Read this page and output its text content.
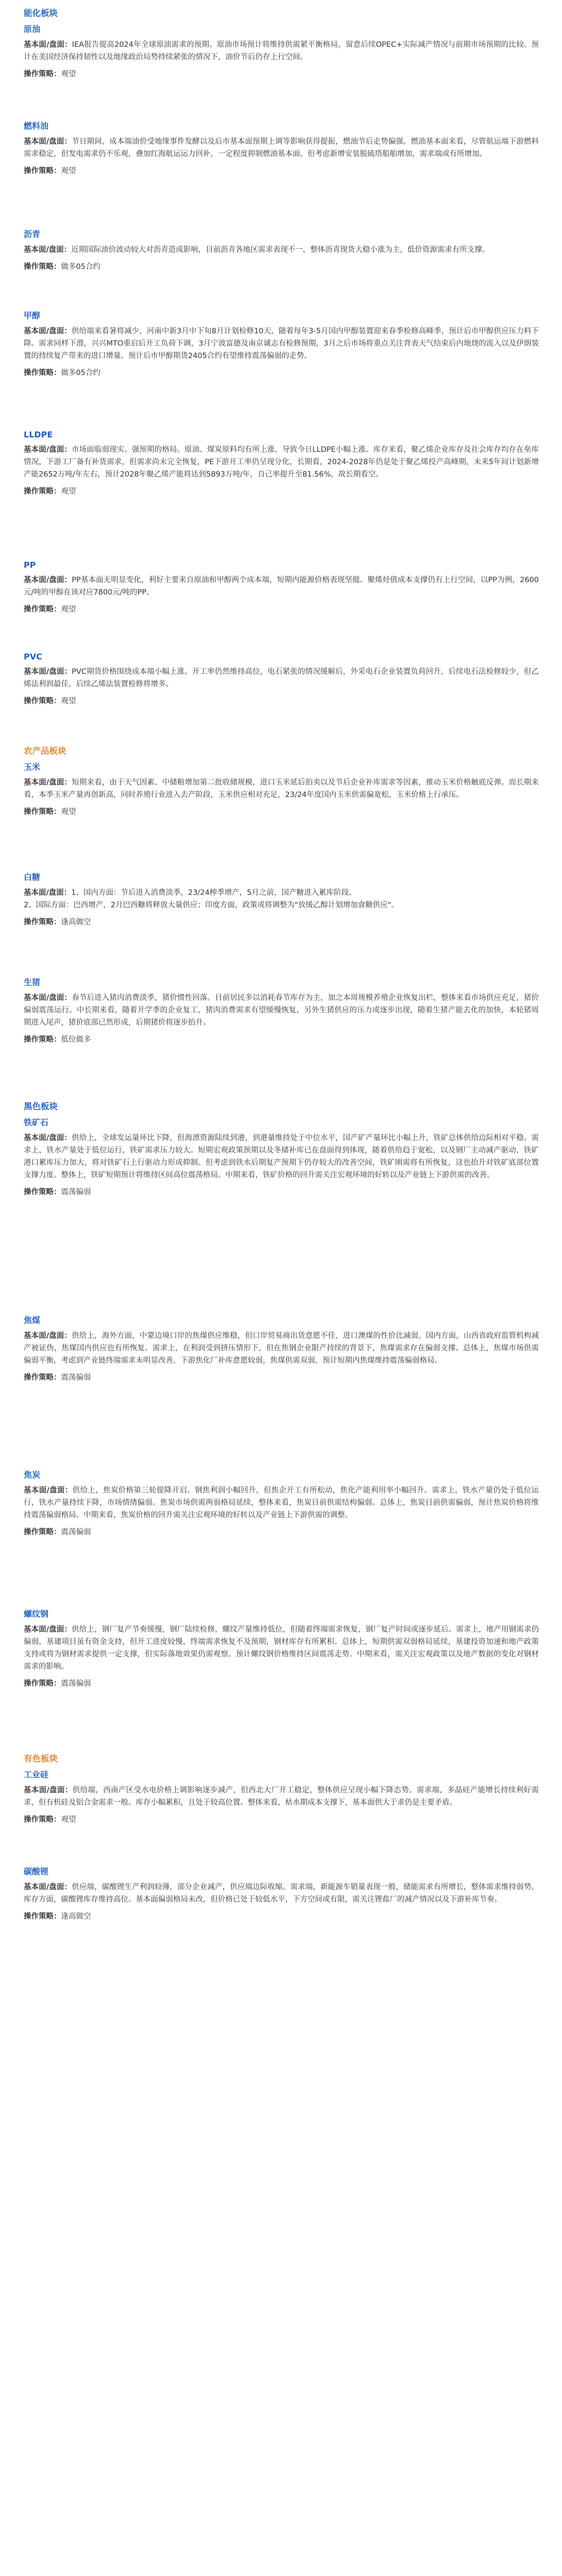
能化板块
原油
基本面/盘面：IEA报告提高2024年全球原油需求的预期。原油市场预计将维持供需紧平衡格局，留意后续OPEC+实际减产情况与前期市场预期的比较。预计在美国经济保持韧性以及地缘政治局势持续紧张的情况下，油价节后仍存上行空间。
操作策略：观望
燃料油
基本面/盘面：节日期间，成本端油价受地缘事件发酵以及后市基本面预期上调等影响获得提振，燃油节后走势偏强。燃油基本面来看，尽管航运端下游燃料需求稳定，但发电需求仍不乐观，叠加红海航运运力回补，一定程度抑制燃油基本面，但考虑新增安装脱硫塔船舶增加，需求端或有所增加。
操作策略：观望
沥青
基本面/盘面：近期国际油价波动较大对沥青造成影响，目前沥青各地区需求表现不一，整体沥青现货大稳小涨为主，低价资源需求有所支撑。
操作策略：做多05合约
甲醇
基本面/盘面：供给端来看暑将减少，河南中新3月中下旬8月计划检修10天，随着每年3-5月国内甲醇装置迎来春季检修高峰季，预计后市甲醇供应压力料下降。需求同样下滑，兴兴MTO重启后开工负荷下调，3月宁波富德及南京诚志有检修预期，3月之后市场将重点关注背表天气结束后内地烧的流入以及伊朗装置的持续复产带来的进口增量。预计后市甲醇期货2405合约有望维持震荡偏弱的走势。
操作策略：做多05合约
LLDPE
基本面/盘面：市场面临弱现实、强预期的格局。原油、煤炭原料均有所上涨，导致今日LLDPE小幅上涨。库存来看，聚乙烯企业库存及社会库存均存在垒库情况，下游工厂备有补货需求，但需求尚未完全恢复，PE下游开工率仍呈现分化，长期看，2024-2028年仍是处于聚乙烯投产高峰期，未来5年间计划新增产能2652万吨/年左右，预计2028年聚乙烯产能将达到5893万吨/年，自己率提升至81.56%，故长期看空。
操作策略：观望
PP
基本面/盘面：PP基本面无明显变化，利好主要来自原油和甲醇两个成本端，短期内能源价格表现坚挺。聚烯烃值成本支撑仍有上行空间，以PP为例，2600元/吨的甲醇在该对应7800元/吨的PP。
操作策略：观望
PVC
基本面/盘面：PVC期货价格围绕成本端小幅上涨。开工率仍然维持高位，电石紧张的情况缓解后，外采电石企业装置负荷回升，后续电石法检修较少，但乙烯法利润最佳，后续乙烯法装置检修将增多。
操作策略：观望
农产品板块
玉米
基本面/盘面：短期来看，由于天气因素、中储粮增加第二批收储规模，进口玉米延后拍卖以及节后企业补库需求等因素，推动玉米价格触底反弹。而长期来看，本季玉米产量再创新高，同时养殖行业进入去产阶段，玉米供应相对充足，23/24年度国内玉米供需偏宽松，玉米价格上行承压。
操作策略：观望
白糖
基本面/盘面：1、国内方面：节后进入消费淡季，23/24榨季增产，5月之前，国产糖进入累库阶段。
2、国际方面：巴西增产，2月巴西糖将释放大量供应；印度方面，政策或将调整为"放缓乙醇计划增加食糖供应"。
操作策略：逢高做空
生猪
基本面/盘面：春节后进入猪肉消费淡季，猪价惯性回落。目前居民多以消耗春节库存为主，加之本周规模养殖企业恢复出栏，整体来看市场供应充足，猪价偏弱震荡运行。中长期来看，随着开学季的企业复工，猪肉消费需求有望缓慢恢复，另外生猪供应的压力或逐步出现，随着生猪产能去化的加快，本轮猪周期进入尾声，猪价底部已然形成，后期猪价将逐步抬升。
操作策略：低位做多
黑色板块
铁矿石
基本面/盘面：供给上，全球发运量环比下降，但海漂资源陆续到港，到港量维持处于中位水平，国产矿产量环比小幅上升，铁矿总体供给边际相对平稳。需求上，铁水产量处于低位运行，铁矿需求压力较大。短期宏观政策预期以及冬储补库已在盘面得到体现，随着供给趋于宽松，以及钢厂主动减产驱动，铁矿港口累库压力加大，将对铁矿石上行驱动力形成抑制。但考虑到铁水后期复产预期下仍存较大的改善空间，铁矿刚需将有所恢复，这也抬升对铁矿底部位置支撑力度。整体上，铁矿短期预计将维持区间高位震荡格局。中期来看，铁矿价格的回升需关注宏观环境的好转以及产业链上下游供需的改善。
操作策略：震荡偏弱
焦煤
基本面/盘面：供给上，海外方面，中蒙边境口岸的焦煤供应维稳，但口岸贸易商出货意愿不佳，进口澳煤的性价比减弱，国内方面，山西省政府监管机构减产被证伪，焦煤国内供应也有所恢复。需求上，在利润受到挤压情形下，但在焦钢企业限产持续的背景下，焦煤需求存在偏弱支撑。总体上，焦煤市场供需偏弱平衡，考虑到产业链终端需求未明显改善，下游焦化厂补库意愿较弱，焦煤供需双弱，预计短期内焦煤维持震荡偏弱格局。
操作策略：震荡偏弱
焦炭
基本面/盘面：供给上，焦炭价格第三轮提降开启。钢焦利润小幅回升，但焦企开工有所松动，焦化产能利用率小幅回升。需求上，铁水产量仍处于低位运行，铁水产量持续下降，市场情绪偏弱。焦炭市场供需两弱格局延续，整体来看，焦炭目前供需结构偏弱。总体上，焦炭目前供需偏弱，预计焦炭价格将维持震荡偏弱格局。中期来看，焦炭价格的回升需关注宏观环境的好转以及产业链上下游供需的调整。
操作策略：震荡偏弱
螺纹钢
基本面/盘面：供给上，钢厂复产节奏缓慢，钢厂陆续检修，螺纹产量维持低位，但随着终端需求恢复，钢厂复产时间或逐步延后。需求上，地产用钢需求仍偏弱，基建项目虽有资金支持，但开工进度较慢，终端需求恢复不及预期，钢材库存有所累积。总体上，短期供需双弱格局延续，基建投资加速和地产政策支持或将为钢材需求提供一定支撑，但实际落地效果仍需观察。预计螺纹钢价格维持区间震荡走势。中期来看，需关注宏观政策以及地产数据的变化对钢材需求的影响。
操作策略：震荡偏弱
有色板块
工业硅
基本面/盘面：供给端，西南产区受水电价格上调影响逐步减产，但西北大厂开工稳定，整体供应呈现小幅下降态势。需求端，多晶硅产能增长持续利好需求，但有机硅及铝合金需求一般。库存小幅累积，且处于较高位置。整体来看，枯水期成本支撑下，基本面供大于求仍是主要矛盾。
操作策略：观望
碳酸锂
基本面/盘面：供应端，碳酸锂生产利润较薄，部分企业减产，供应端边际收缩。需求端，新能源车销量表现一般，储能需求有所增长，整体需求维持弱势。库存方面，碳酸锂库存维持高位。基本面偏弱格局未改，但价格已处于较低水平，下方空间或有限，需关注锂盐厂的减产情况以及下游补库节奏。
操作策略：逢高做空
